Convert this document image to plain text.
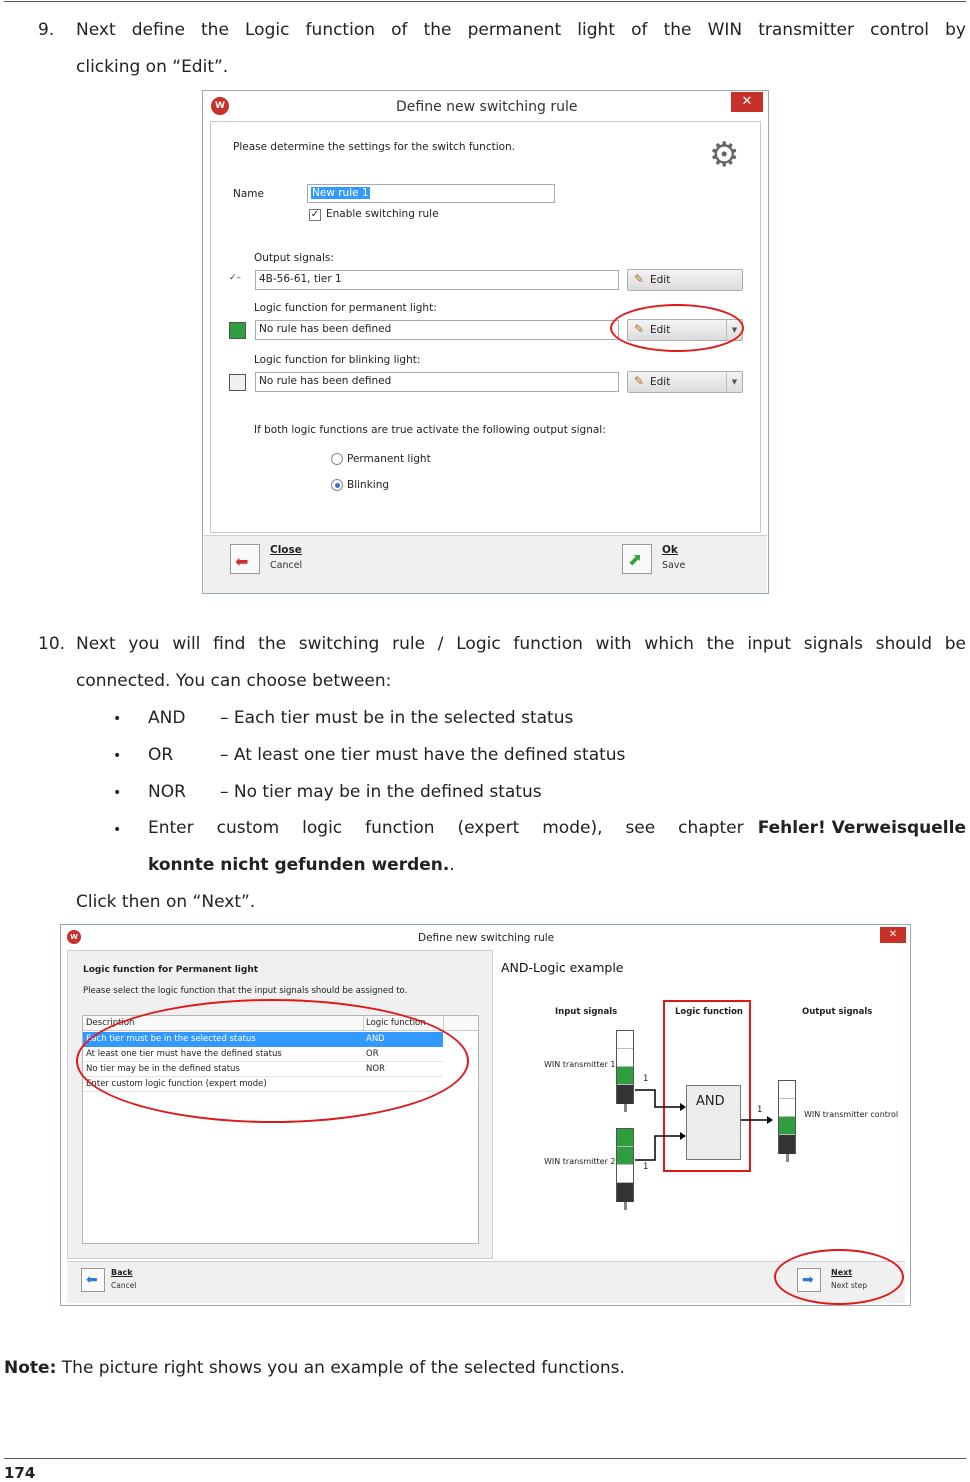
9. Next define the Logic function of the permanent light of the WIN transmitter control by
clicking on “Edit”.
W	Define new switching rule	✕
Please determine the settings for the switch function.	⚙
Name	New rule 1
✓ Enable switching rule
Output signals:
✓–	4B-56-61, tier 1	✎ Edit
Logic function for permanent light:
No rule has been defined	✎ Edit	▼
Logic function for blinking light:
No rule has been defined	✎ Edit	▼
If both logic functions are true activate the following output signal:
Permanent light
Blinking
⬅
Close
Cancel	⬈ Ok
Save
10. Next you will find the switching rule / Logic function with which the input signals should be
connected. You can choose between:
• AND – Each tier must be in the selected status
• OR	– At least one tier must have the defined status
• NOR – No tier may be in the defined status
• Enter custom logic function (expert mode), see chapter Fehler! Verweisquelle
konnte nicht gefunden werden..
Click then on “Next”.
W	Define new switching rule	✕
Logic function for Permanent light
Please select the logic function that the input signals should be assigned to.
Description	Logic function
Each tier must be in the selected status	AND
At least one tier must have the defined status	OR
No tier may be in the defined status	NOR
Enter custom logic function (expert mode)
AND-Logic example
Input signals	Logic function	Output signals
WIN transmitter 1
WIN transmitter 2
1
1
AND
1	WIN transmitter control
⬅ Back
Cancel	➡ Next
Next step
Note: The picture right shows you an example of the selected functions.
174
